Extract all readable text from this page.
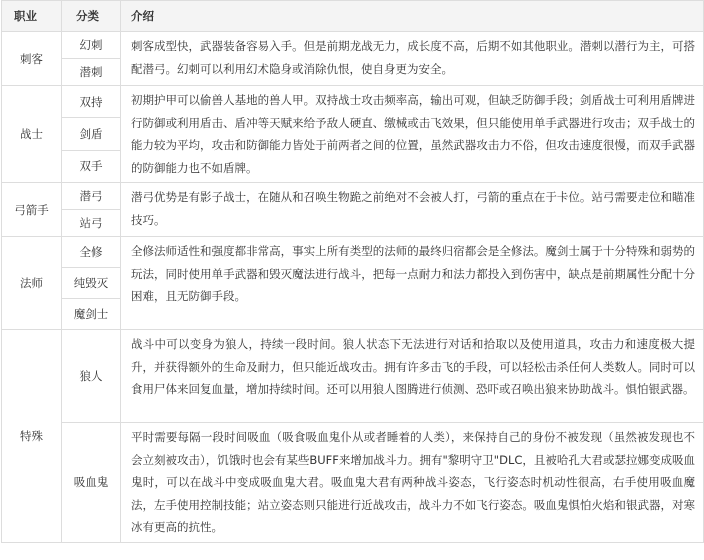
职业	分类	介绍
刺客	幻刺	刺客成型快，武器装备容易入手。但是前期龙战无力，成长度不高，后期不如其他职业。潜刺以潜行为主，可搭配潜弓。幻刺可以利用幻术隐身或消除仇恨，使自身更为安全。
	潜刺	
战士	双持	初期护甲可以偷兽人基地的兽人甲。双持战士攻击频率高，输出可观，但缺乏防御手段；剑盾战士可利用盾牌进行防御或利用盾击、盾冲等天赋来给予敌人硬直、缴械或击飞效果，但只能使用单手武器进行攻击；双手战士的能力较为平均，攻击和防御能力皆处于前两者之间的位置，虽然武器攻击力不俗，但攻击速度很慢，而双手武器的防御能力也不如盾牌。
	剑盾	
	双手	
弓箭手	潜弓	潜弓优势是有影子战士，在随从和召唤生物跪之前绝对不会被人打，弓箭的重点在于卡位。站弓需要走位和瞄准技巧。
	站弓	
法师	全修	全修法师适性和强度都非常高，事实上所有类型的法师的最终归宿都会是全修法。魔剑士属于十分特殊和弱势的玩法，同时使用单手武器和毁灭魔法进行战斗，把每一点耐力和法力都投入到伤害中，缺点是前期属性分配十分困难，且无防御手段。
	纯毁灭	
	魔剑士	
特殊	狼人	战斗中可以变身为狼人，持续一段时间。狼人状态下无法进行对话和拾取以及使用道具，攻击力和速度极大提升，并获得额外的生命及耐力，但只能近战攻击。拥有许多击飞的手段，可以轻松击杀任何人类数人。同时可以食用尸体来回复血量，增加持续时间。还可以用狼人图腾进行侦测、恐吓或召唤出狼来协助战斗。惧怕银武器。
	吸血鬼	平时需要每隔一段时间吸血（吸食吸血鬼仆从或者睡着的人类），来保持自己的身份不被发现（虽然被发现也不会立刻被攻击），饥饿时也会有某些BUFF来增加战斗力。拥有"黎明守卫"DLC，且被哈孔大君或瑟拉娜变成吸血鬼时，可以在战斗中变成吸血鬼大君。吸血鬼大君有两种战斗姿态，飞行姿态时机动性很高，右手使用吸血魔法，左手使用控制技能；站立姿态则只能进行近战攻击，战斗力不如飞行姿态。吸血鬼惧怕火焰和银武器，对寒冰有更高的抗性。
